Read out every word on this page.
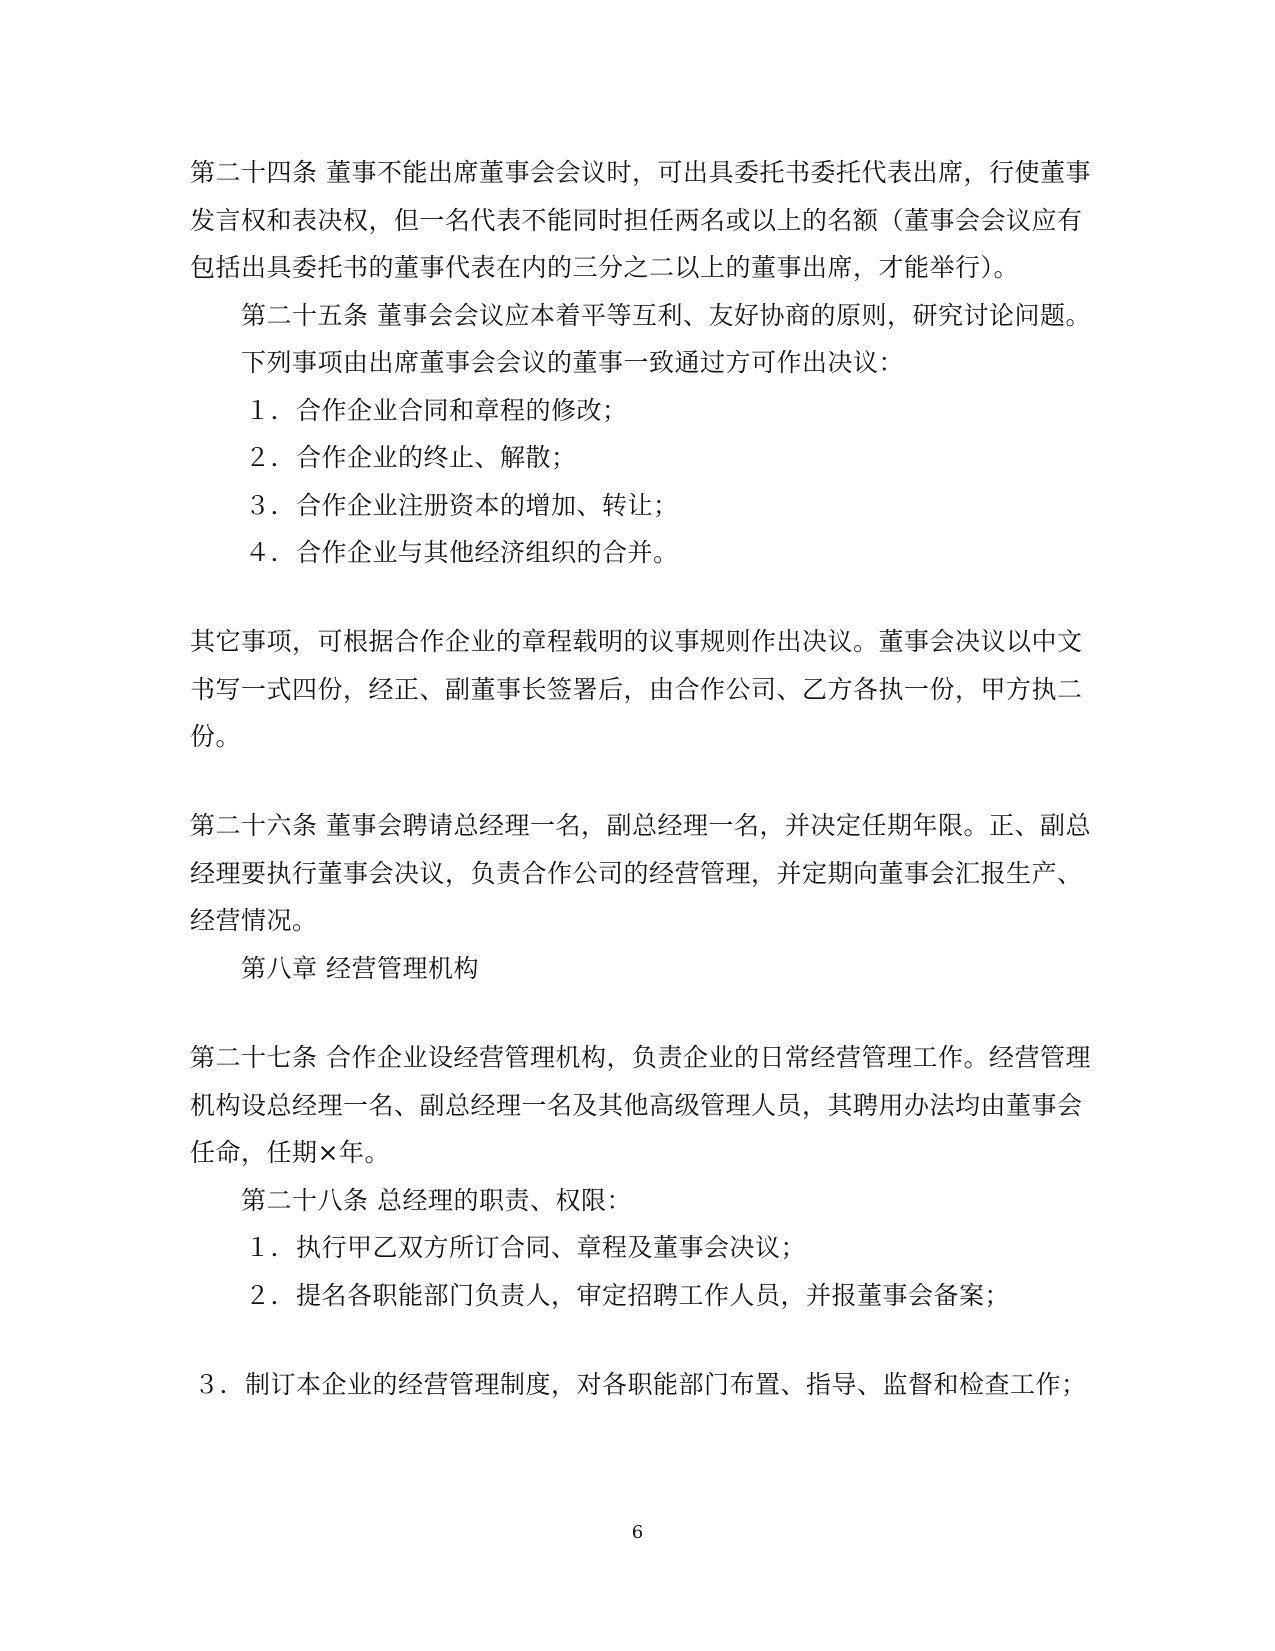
第二十四条 董事不能出席董事会会议时，可出具委托书委托代表出席，行使董事
发言权和表决权，但一名代表不能同时担任两名或以上的名额（董事会会议应有
包括出具委托书的董事代表在内的三分之二以上的董事出席，才能举行）。
第二十五条 董事会会议应本着平等互利、友好协商的原则，研究讨论问题。
下列事项由出席董事会会议的董事一致通过方可作出决议：
１．合作企业合同和章程的修改；
２．合作企业的终止、解散；
３．合作企业注册资本的增加、转让；
４．合作企业与其他经济组织的合并。
其它事项，可根据合作企业的章程载明的议事规则作出决议。董事会决议以中文
书写一式四份，经正、副董事长签署后，由合作公司、乙方各执一份，甲方执二
份。
第二十六条 董事会聘请总经理一名，副总经理一名，并决定任期年限。正、副总
经理要执行董事会决议，负责合作公司的经营管理，并定期向董事会汇报生产、
经营情况。
第八章 经营管理机构
第二十七条 合作企业设经营管理机构，负责企业的日常经营管理工作。经营管理
机构设总经理一名、副总经理一名及其他高级管理人员，其聘用办法均由董事会
任命，任期×年。
第二十八条 总经理的职责、权限：
１．执行甲乙双方所订合同、章程及董事会决议；
２．提名各职能部门负责人，审定招聘工作人员，并报董事会备案；
３．制订本企业的经营管理制度，对各职能部门布置、指导、监督和检查工作；
6
